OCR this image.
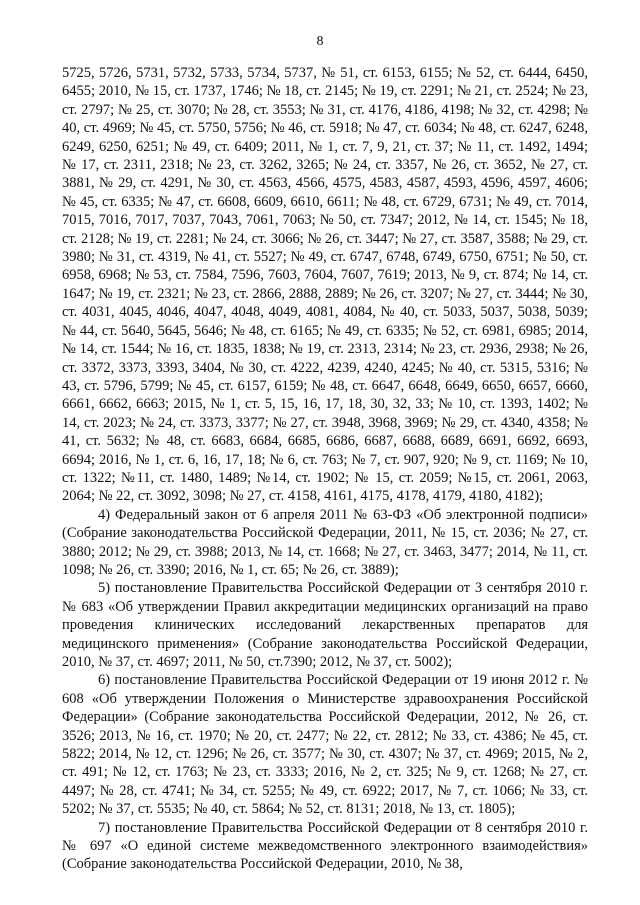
8

5725, 5726, 5731, 5732, 5733, 5734, 5737, № 51, ст. 6153, 6155; № 52, ст. 6444, 6450, 6455; 2010, № 15, ст. 1737, 1746; № 18, ст. 2145; № 19, ст. 2291; № 21, ст. 2524; № 23, ст. 2797; № 25, ст. 3070; № 28, ст. 3553; № 31, ст. 4176, 4186, 4198; № 32, ст. 4298; № 40, ст. 4969; № 45, ст. 5750, 5756; № 46, ст. 5918; № 47, ст. 6034; № 48, ст. 6247, 6248, 6249, 6250, 6251; № 49, ст. 6409; 2011, № 1, ст. 7, 9, 21, ст. 37; № 11, ст. 1492, 1494; № 17, ст. 2311, 2318; № 23, ст. 3262, 3265; № 24, ст. 3357, № 26, ст. 3652, № 27, ст. 3881, № 29, ст. 4291, № 30, ст. 4563, 4566, 4575, 4583, 4587, 4593, 4596, 4597, 4606; № 45, ст. 6335; № 47, ст. 6608, 6609, 6610, 6611; № 48, ст. 6729, 6731; № 49, ст. 7014, 7015, 7016, 7017, 7037, 7043, 7061, 7063; № 50, ст. 7347; 2012, № 14, ст. 1545; № 18, ст. 2128; № 19, ст. 2281; № 24, ст. 3066; № 26, ст. 3447; № 27, ст. 3587, 3588; № 29, ст. 3980; № 31, ст. 4319, № 41, ст. 5527; № 49, ст. 6747, 6748, 6749, 6750, 6751; № 50, ст. 6958, 6968; № 53, ст. 7584, 7596, 7603, 7604, 7607, 7619; 2013, № 9, ст. 874; № 14, ст. 1647; № 19, ст. 2321; № 23, ст. 2866, 2888, 2889; № 26, ст. 3207; № 27, ст. 3444; № 30, ст. 4031, 4045, 4046, 4047, 4048, 4049, 4081, 4084, № 40, ст. 5033, 5037, 5038, 5039; № 44, ст. 5640, 5645, 5646; № 48, ст. 6165; № 49, ст. 6335; № 52, ст. 6981, 6985; 2014, № 14, ст. 1544; № 16, ст. 1835, 1838; № 19, ст. 2313, 2314; № 23, ст. 2936, 2938; № 26, ст. 3372, 3373, 3393, 3404, № 30, ст. 4222, 4239, 4240, 4245; № 40, ст. 5315, 5316; № 43, ст. 5796, 5799; № 45, ст. 6157, 6159; № 48, ст. 6647, 6648, 6649, 6650, 6657, 6660, 6661, 6662, 6663; 2015, № 1, ст. 5, 15, 16, 17, 18, 30, 32, 33; № 10, ст. 1393, 1402; № 14, ст. 2023; № 24, ст. 3373, 3377; № 27, ст. 3948, 3968, 3969; № 29, ст. 4340, 4358; № 41, ст. 5632; № 48, ст. 6683, 6684, 6685, 6686, 6687, 6688, 6689, 6691, 6692, 6693, 6694; 2016, № 1, ст. 6, 16, 17, 18; № 6, ст. 763; № 7, ст. 907, 920; № 9, ст. 1169; № 10, ст. 1322; №11, ст. 1480, 1489; №14, ст. 1902; № 15, ст. 2059; №15, ст. 2061, 2063, 2064; № 22, ст. 3092, 3098; № 27, ст. 4158, 4161, 4175, 4178, 4179, 4180, 4182);

4) Федеральный закон от 6 апреля 2011 № 63-ФЗ «Об электронной подписи» (Собрание законодательства Российской Федерации, 2011, № 15, ст. 2036; № 27, ст. 3880; 2012; № 29, ст. 3988; 2013, № 14, ст. 1668; № 27, ст. 3463, 3477; 2014, № 11, ст. 1098; № 26, ст. 3390; 2016, № 1, ст. 65; № 26, ст. 3889);

5) постановление Правительства Российской Федерации от 3 сентября 2010 г. № 683 «Об утверждении Правил аккредитации медицинских организаций на право проведения клинических исследований лекарственных препаратов для медицинского применения» (Собрание законодательства Российской Федерации, 2010, № 37, ст. 4697; 2011, № 50, ст.7390; 2012, № 37, ст. 5002);

6) постановление Правительства Российской Федерации от 19 июня 2012 г. № 608 «Об утверждении Положения о Министерстве здравоохранения Российской Федерации» (Собрание законодательства Российской Федерации, 2012, № 26, ст. 3526; 2013, № 16, ст. 1970; № 20, ст. 2477; № 22, ст. 2812; № 33, ст. 4386; № 45, ст. 5822; 2014, № 12, ст. 1296; № 26, ст. 3577; № 30, ст. 4307; № 37, ст. 4969; 2015, № 2, ст. 491; № 12, ст. 1763; № 23, ст. 3333; 2016, № 2, ст. 325; № 9, ст. 1268; № 27, ст. 4497; № 28, ст. 4741; № 34, ст. 5255; № 49, ст. 6922; 2017, № 7, ст. 1066; № 33, ст. 5202; № 37, ст. 5535; № 40, ст. 5864; № 52, ст. 8131; 2018, № 13, ст. 1805);

7) постановление Правительства Российской Федерации от 8 сентября 2010 г. № 697 «О единой системе межведомственного электронного взаимодействия» (Собрание законодательства Российской Федерации, 2010, № 38,
